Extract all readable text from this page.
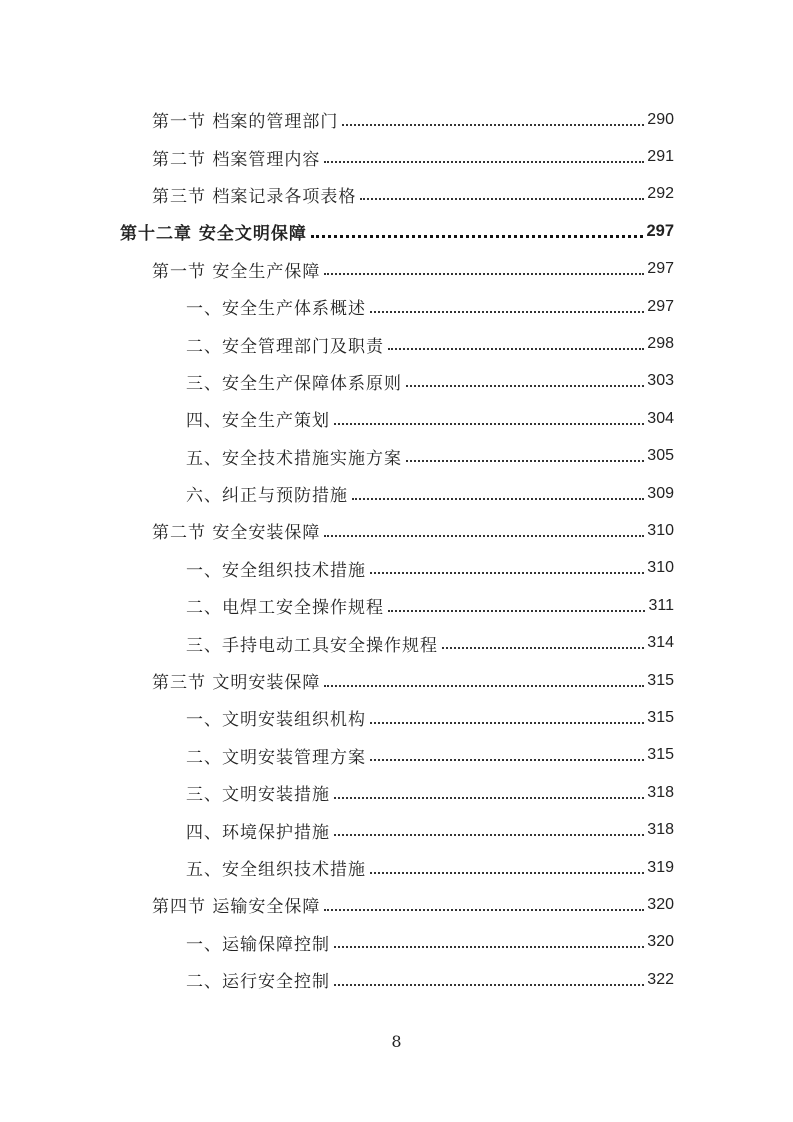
第一节 档案的管理部门	290
第二节 档案管理内容	291
第三节 档案记录各项表格	292
第十二章 安全文明保障	297
第一节 安全生产保障	297
一、安全生产体系概述	297
二、安全管理部门及职责	298
三、安全生产保障体系原则	303
四、安全生产策划	304
五、安全技术措施实施方案	305
六、纠正与预防措施	309
第二节 安全安装保障	310
一、安全组织技术措施	310
二、电焊工安全操作规程	311
三、手持电动工具安全操作规程	314
第三节 文明安装保障	315
一、文明安装组织机构	315
二、文明安装管理方案	315
三、文明安装措施	318
四、环境保护措施	318
五、安全组织技术措施	319
第四节 运输安全保障	320
一、运输保障控制	320
二、运行安全控制	322
8
